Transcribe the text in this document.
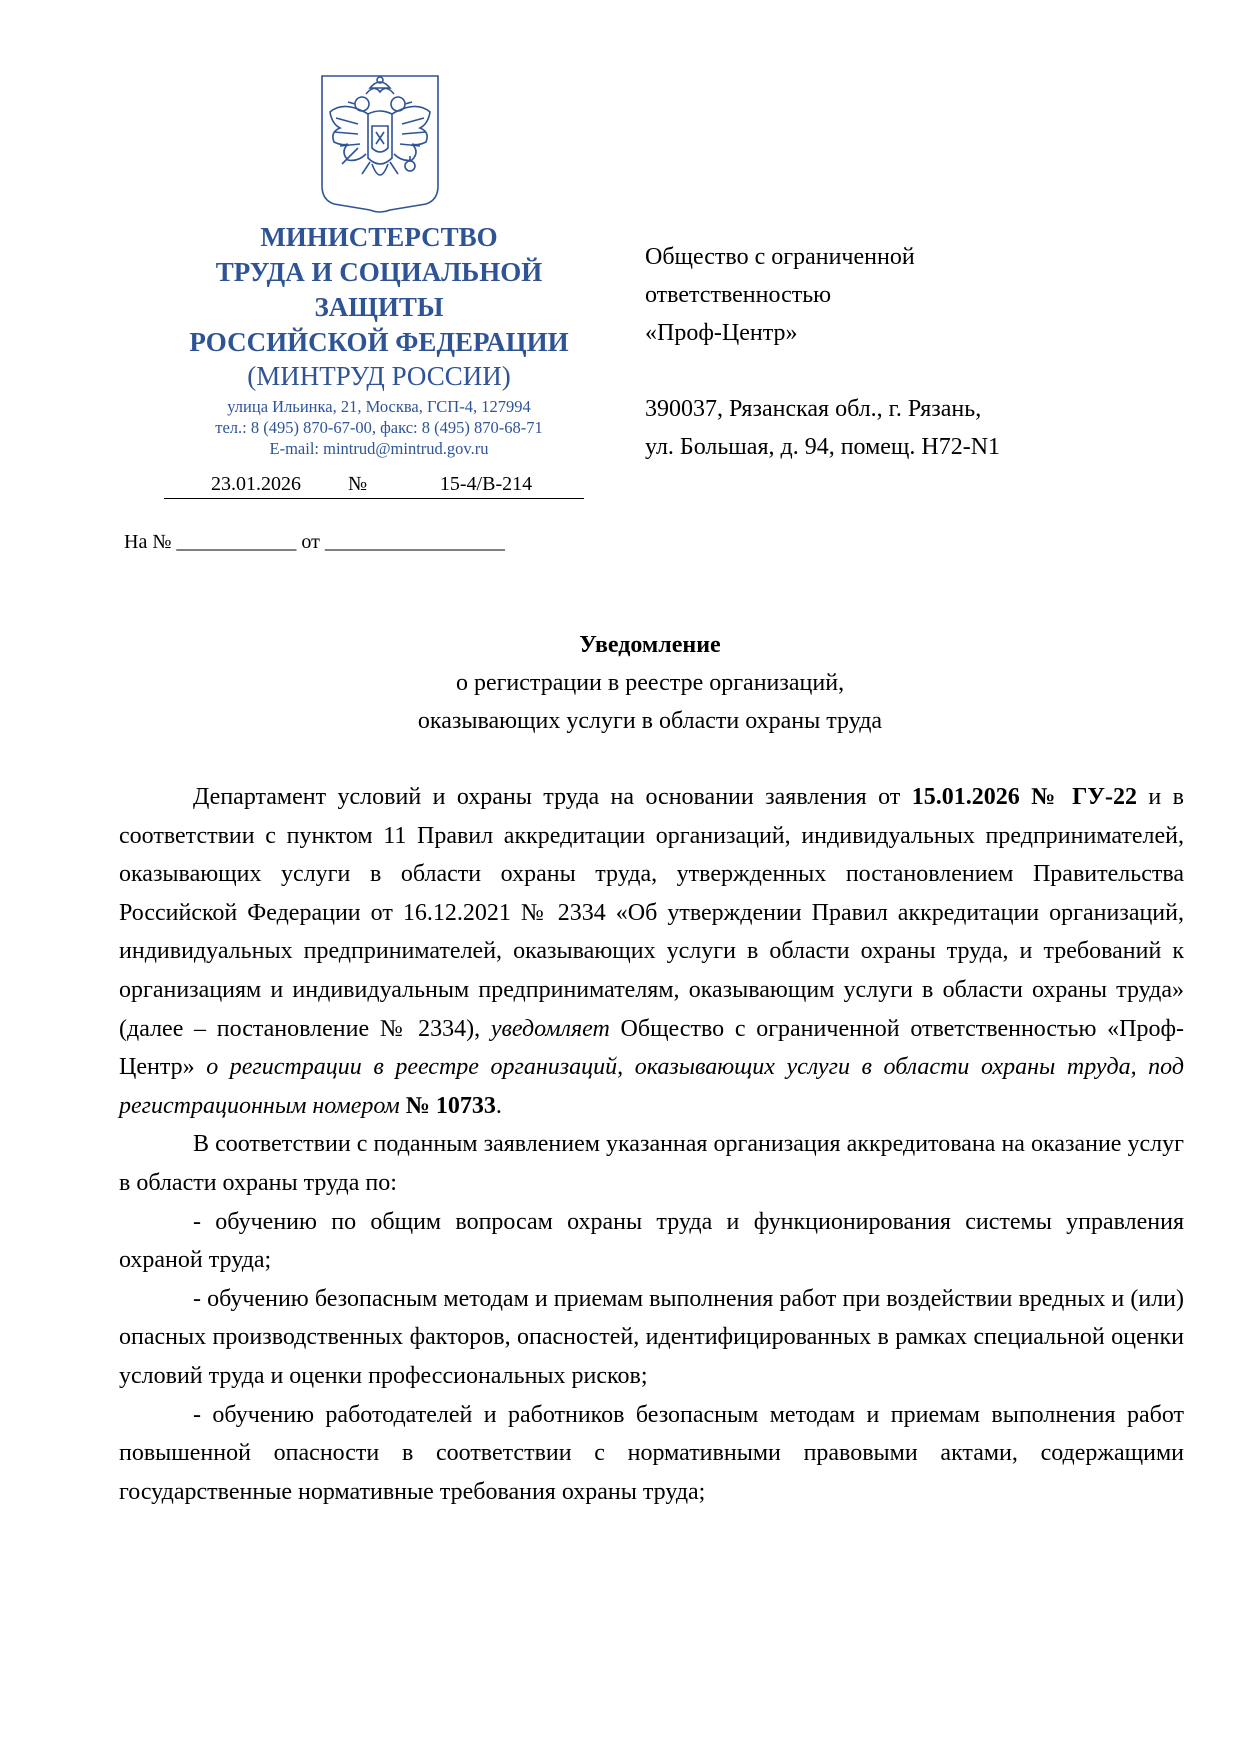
МИНИСТЕРСТВО
ТРУДА И СОЦИАЛЬНОЙ
ЗАЩИТЫ
РОССИЙСКОЙ ФЕДЕРАЦИИ
(МИНТРУД РОССИИ)
улица Ильинка, 21, Москва, ГСП-4, 127994
тел.: 8 (495) 870-67-00, факс: 8 (495) 870-68-71
E-mail: mintrud@mintrud.gov.ru
23.01.2026 №	15-4/В-214
На № ____________ от __________________
Общество с ограниченной
ответственностью
«Проф-Центр»
390037, Рязанская обл., г. Рязань,
ул. Большая, д. 94, помещ. Н72-N1
Уведомление
о регистрации в реестре организаций,
оказывающих услуги в области охраны труда

Департамент условий и охраны труда на основании заявления от 15.01.2026 № ГУ-22 и в соответствии с пунктом 11 Правил аккредитации организаций, индивидуальных предпринимателей, оказывающих услуги в области охраны труда, утвержденных постановлением Правительства Российской Федерации от 16.12.2021 № 2334 «Об утверждении Правил аккредитации организаций, индивидуальных предпринимателей, оказывающих услуги в области охраны труда, и требований к организациям и индивидуальным предпринимателям, оказывающим услуги в области охраны труда» (далее – постановление № 2334), уведомляет Общество с ограниченной ответственностью «Проф-Центр» о регистрации в реестре организаций, оказывающих услуги в области охраны труда, под регистрационным номером № 10733.

В соответствии с поданным заявлением указанная организация аккредитована на оказание услуг в области охраны труда по:

- обучению по общим вопросам охраны труда и функционирования системы управления охраной труда;

- обучению безопасным методам и приемам выполнения работ при воздействии вредных и (или) опасных производственных факторов, опасностей, идентифицированных в рамках специальной оценки условий труда и оценки профессиональных рисков;

- обучению работодателей и работников безопасным методам и приемам выполнения работ повышенной опасности в соответствии с нормативными правовыми актами, содержащими государственные нормативные требования охраны труда;
